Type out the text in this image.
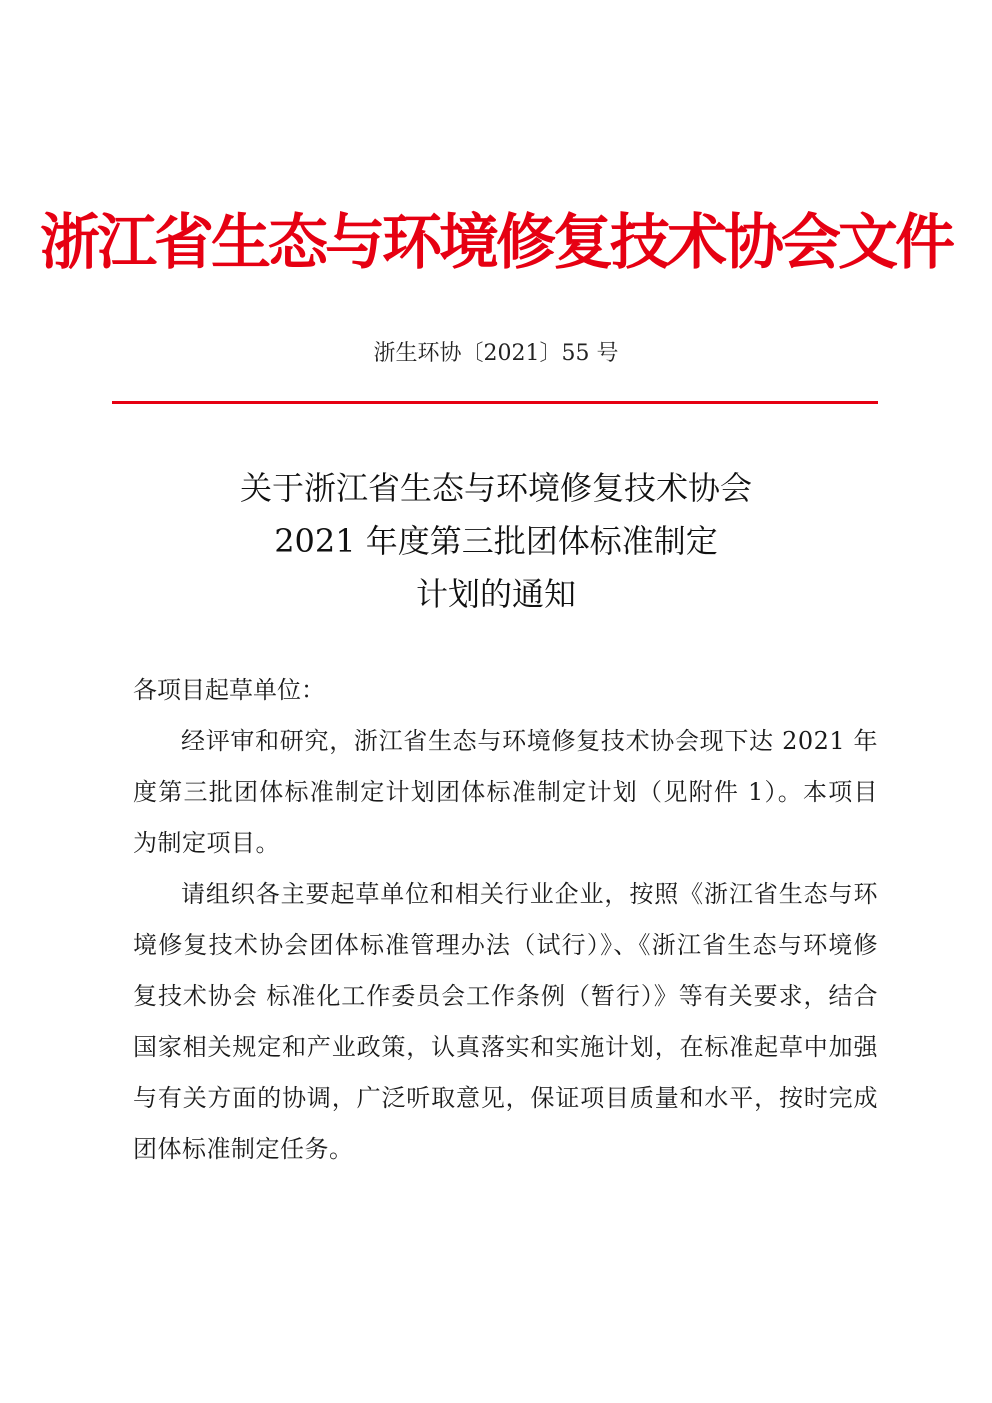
浙江省生态与环境修复技术协会文件
浙生环协〔2021〕55 号
关于浙江省生态与环境修复技术协会
2021 年度第三批团体标准制定
计划的通知
各项目起草单位：
经评审和研究，浙江省生态与环境修复技术协会现下达 2021 年度第三批团体标准制定计划团体标准制定计划（见附件 1）。本项目为制定项目。
请组织各主要起草单位和相关行业企业，按照《浙江省生态与环境修复技术协会团体标准管理办法（试行）》、《浙江省生态与环境修复技术协会 标准化工作委员会工作条例（暂行）》等有关要求，结合国家相关规定和产业政策，认真落实和实施计划，在标准起草中加强与有关方面的协调，广泛听取意见，保证项目质量和水平，按时完成团体标准制定任务。
